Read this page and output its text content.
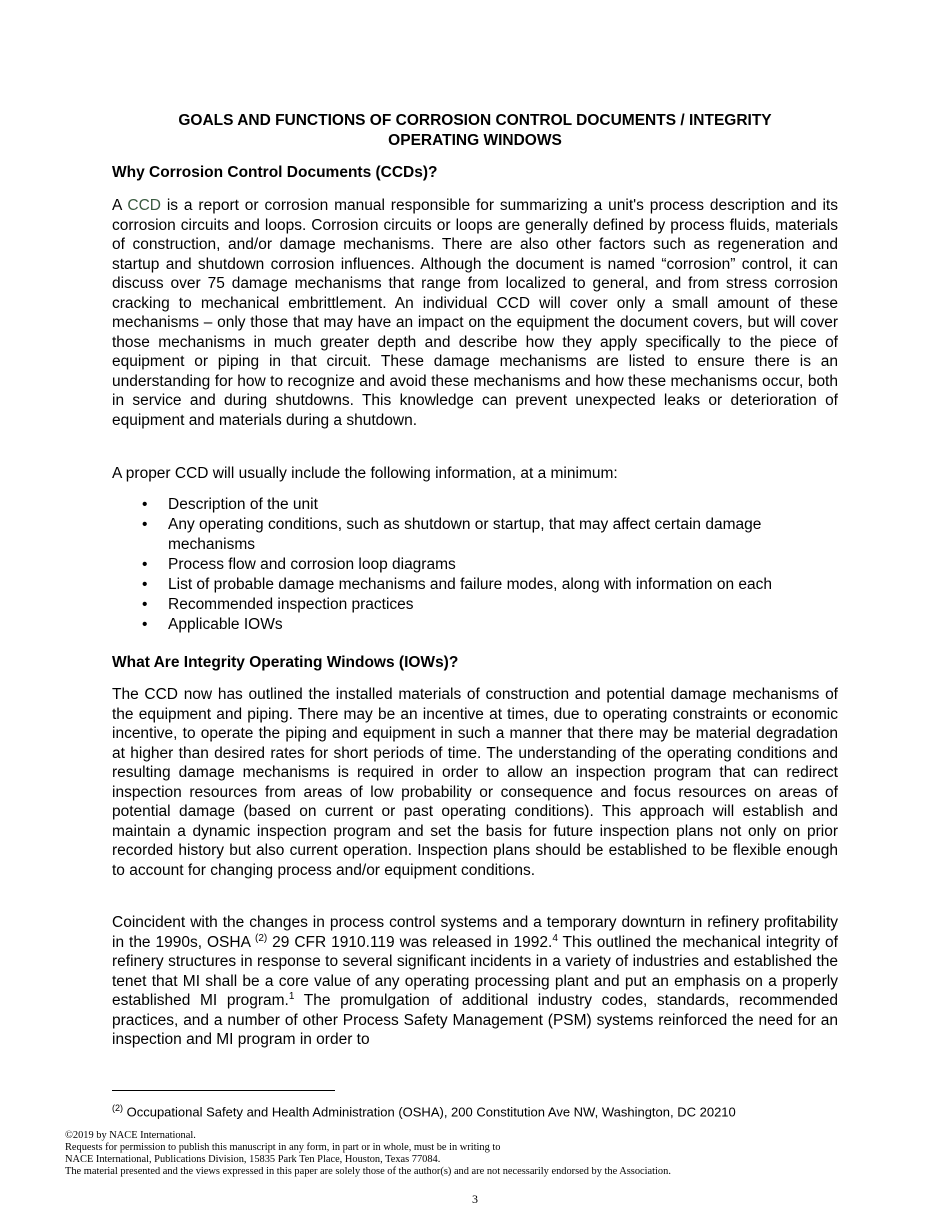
GOALS AND FUNCTIONS OF CORROSION CONTROL DOCUMENTS / INTEGRITY
OPERATING WINDOWS
Why Corrosion Control Documents (CCDs)?

A CCD is a report or corrosion manual responsible for summarizing a unit's process description and its corrosion circuits and loops. Corrosion circuits or loops are generally defined by process fluids, materials of construction, and/or damage mechanisms. There are also other factors such as regeneration and startup and shutdown corrosion influences. Although the document is named “corrosion” control, it can discuss over 75 damage mechanisms that range from localized to general, and from stress corrosion cracking to mechanical embrittlement. An individual CCD will cover only a small amount of these mechanisms – only those that may have an impact on the equipment the document covers, but will cover those mechanisms in much greater depth and describe how they apply specifically to the piece of equipment or piping in that circuit. These damage mechanisms are listed to ensure there is an understanding for how to recognize and avoid these mechanisms and how these mechanisms occur, both in service and during shutdowns. This knowledge can prevent unexpected leaks or deterioration of equipment and materials during a shutdown.

A proper CCD will usually include the following information, at a minimum:

• Description of the unit
• Any operating conditions, such as shutdown or startup, that may affect certain damage mechanisms
• Process flow and corrosion loop diagrams
• List of probable damage mechanisms and failure modes, along with information on each
• Recommended inspection practices
• Applicable IOWs
What Are Integrity Operating Windows (IOWs)?

The CCD now has outlined the installed materials of construction and potential damage mechanisms of the equipment and piping. There may be an incentive at times, due to operating constraints or economic incentive, to operate the piping and equipment in such a manner that there may be material degradation at higher than desired rates for short periods of time. The understanding of the operating conditions and resulting damage mechanisms is required in order to allow an inspection program that can redirect inspection resources from areas of low probability or consequence and focus resources on areas of potential damage (based on current or past operating conditions). This approach will establish and maintain a dynamic inspection program and set the basis for future inspection plans not only on prior recorded history but also current operation. Inspection plans should be established to be flexible enough to account for changing process and/or equipment conditions.

Coincident with the changes in process control systems and a temporary downturn in refinery profitability in the 1990s, OSHA $^{(2)}$ 29 CFR 1910.119 was released in 1992.$^4$ This outlined the mechanical integrity of refinery structures in response to several significant incidents in a variety of industries and established the tenet that MI shall be a core value of any operating processing plant and put an emphasis on a properly established MI program.$^1$ The promulgation of additional industry codes, standards, recommended practices, and a number of other Process Safety Management (PSM) systems reinforced the need for an inspection and MI program in order to

$^{(2)}$ Occupational Safety and Health Administration (OSHA), 200 Constitution Ave NW, Washington, DC 20210

©2019 by NACE International.
Requests for permission to publish this manuscript in any form, in part or in whole, must be in writing to
NACE International, Publications Division, 15835 Park Ten Place, Houston, Texas 77084.
The material presented and the views expressed in this paper are solely those of the author(s) and are not necessarily endorsed by the Association.
3
